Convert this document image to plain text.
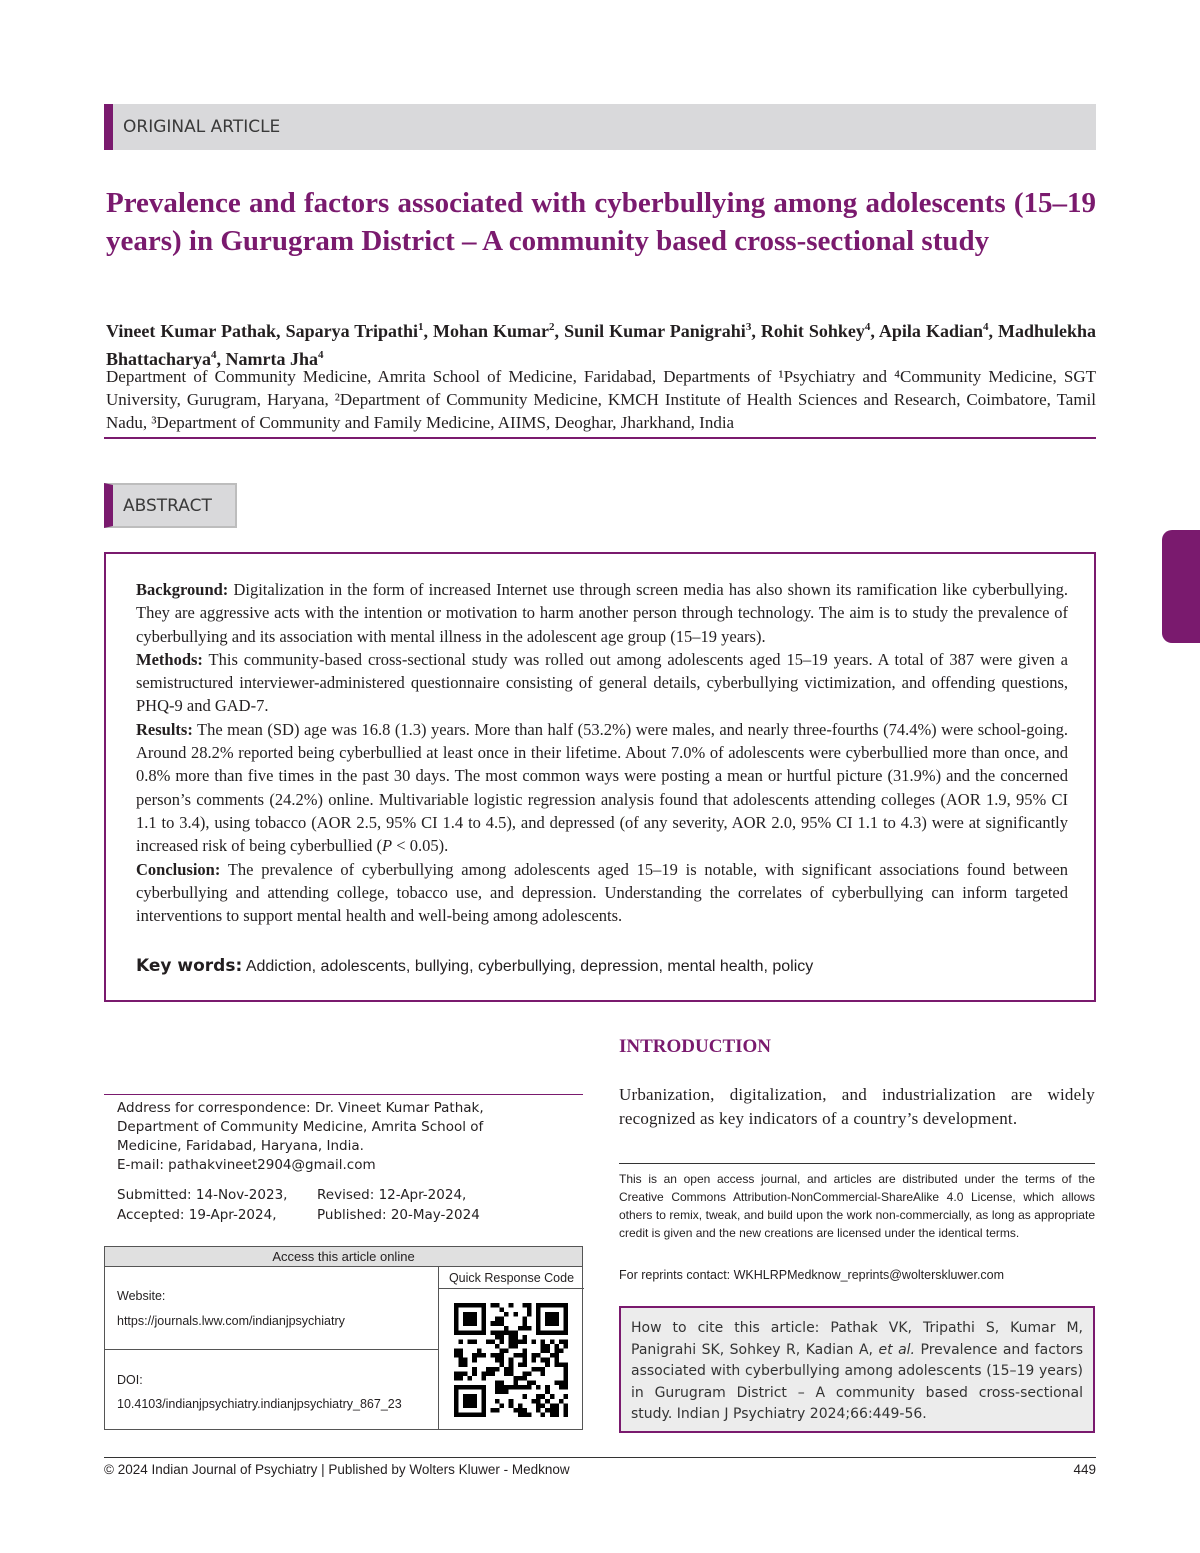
ORIGINAL ARTICLE
Prevalence and factors associated with cyberbullying among adolescents (15–19 years) in Gurugram District – A community based cross-sectional study
Vineet Kumar Pathak, Saparya Tripathi$^1$, Mohan Kumar$^2$, Sunil Kumar Panigrahi$^3$, Rohit Sohkey$^4$, Apila Kadian$^4$, Madhulekha Bhattacharya$^4$, Namrta Jha$^4$
Department of Community Medicine, Amrita School of Medicine, Faridabad, Departments of ¹Psychiatry and ⁴Community Medicine, SGT University, Gurugram, Haryana, ²Department of Community Medicine, KMCH Institute of Health Sciences and Research, Coimbatore, Tamil Nadu, ³Department of Community and Family Medicine, AIIMS, Deoghar, Jharkhand, India
ABSTRACT

Background: Digitalization in the form of increased Internet use through screen media has also shown its ramification like cyberbullying. They are aggressive acts with the intention or motivation to harm another person through technology. The aim is to study the prevalence of cyberbullying and its association with mental illness in the adolescent age group (15–19 years).

Methods: This community-based cross-sectional study was rolled out among adolescents aged 15–19 years. A total of 387 were given a semistructured interviewer-administered questionnaire consisting of general details, cyberbullying victimization, and offending questions, PHQ-9 and GAD-7.

Results: The mean (SD) age was 16.8 (1.3) years. More than half (53.2%) were males, and nearly three-fourths (74.4%) were school-going. Around 28.2% reported being cyberbullied at least once in their lifetime. About 7.0% of adolescents were cyberbullied more than once, and 0.8% more than five times in the past 30 days. The most common ways were posting a mean or hurtful picture (31.9%) and the concerned person’s comments (24.2%) online. Multivariable logistic regression analysis found that adolescents attending colleges (AOR 1.9, 95% CI 1.1 to 3.4), using tobacco (AOR 2.5, 95% CI 1.4 to 4.5), and depressed (of any severity, AOR 2.0, 95% CI 1.1 to 4.3) were at significantly increased risk of being cyberbullied (P < 0.05).

Conclusion: The prevalence of cyberbullying among adolescents aged 15–19 is notable, with significant associations found between cyberbullying and attending college, tobacco use, and depression. Understanding the correlates of cyberbullying can inform targeted interventions to support mental health and well-being among adolescents.

Key words: Addiction, adolescents, bullying, cyberbullying, depression, mental health, policy
INTRODUCTION
Urbanization, digitalization, and industrialization are widely recognized as key indicators of a country’s development.
Address for correspondence: Dr. Vineet Kumar Pathak,
Department of Community Medicine, Amrita School of
Medicine, Faridabad, Haryana, India.
E-mail: pathakvineet2904@gmail.com
Submitted: 14-Nov-2023,
Accepted: 19-Apr-2024,
Revised: 12-Apr-2024,
Published: 20-May-2024
Access this article online
Quick Response Code
Website:
https://journals.lww.com/indianjpsychiatry
DOI:
10.4103/indianjpsychiatry.indianjpsychiatry_867_23
This is an open access journal, and articles are distributed under the terms of the Creative Commons Attribution-NonCommercial-ShareAlike 4.0 License, which allows others to remix, tweak, and build upon the work non-commercially, as long as appropriate credit is given and the new creations are licensed under the identical terms.
For reprints contact: WKHLRPMedknow_reprints@wolterskluwer.com
How to cite this article: Pathak VK, Tripathi S, Kumar M, Panigrahi SK, Sohkey R, Kadian A, et al. Prevalence and factors associated with cyberbullying among adolescents (15–19 years) in Gurugram District – A community based cross-sectional study. Indian J Psychiatry 2024;66:449-56.
© 2024 Indian Journal of Psychiatry | Published by Wolters Kluwer - Medknow	449
